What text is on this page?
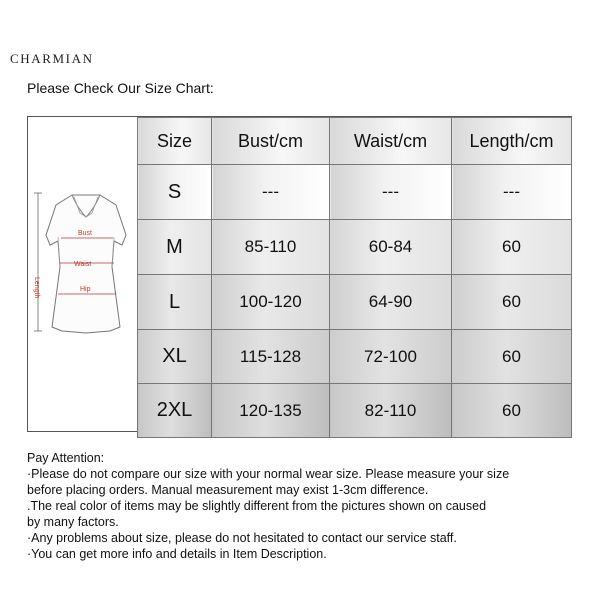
CHARMIAN
Please Check Our Size Chart:
Bust
Waist
Hip
Length
Size	Bust/cm	Waist/cm	Length/cm
S	---	---	---
M	85-110	60-84	60
L	100-120	64-90	60
XL	115-128	72-100	60
2XL	120-135	82-110	60
Pay Attention:
·Please do not compare our size with your normal wear size. Please measure your size
before placing orders. Manual measurement may exist 1-3cm difference.
.The real color of items may be slightly different from the pictures shown on caused
by many factors.
·Any problems about size, please do not hesitated to contact our service staff.
·You can get more info and details in Item Description.
